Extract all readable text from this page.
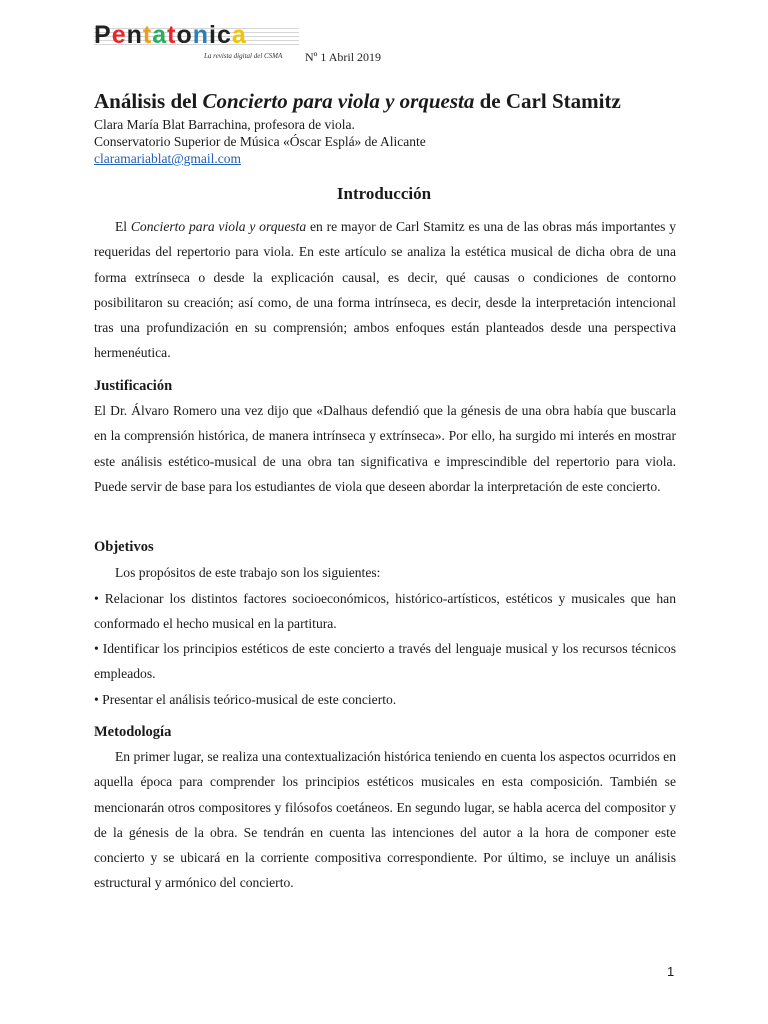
Pentatonica
La revista digital del CSMA Nº 1 Abril 2019
Análisis del Concierto para viola y orquesta de Carl Stamitz
Clara María Blat Barrachina, profesora de viola.
Conservatorio Superior de Música «Óscar Esplá» de Alicante
claramariablat@gmail.com
Introducción

El Concierto para viola y orquesta en re mayor de Carl Stamitz es una de las obras más importantes y requeridas del repertorio para viola. En este artículo se analiza la estética musical de dicha obra de una forma extrínseca o desde la explicación causal, es decir, qué causas o condiciones de contorno posibilitaron su creación; así como, de una forma intrínseca, es decir, desde la interpretación intencional tras una profundización en su comprensión; ambos enfoques están planteados desde una perspectiva hermenéutica.

Justificación

El Dr. Álvaro Romero una vez dijo que «Dalhaus defendió que la génesis de una obra había que buscarla en la comprensión histórica, de manera intrínseca y extrínseca». Por ello, ha surgido mi interés en mostrar este análisis estético-musical de una obra tan significativa e imprescindible del repertorio para viola. Puede servir de base para los estudiantes de viola que deseen abordar la interpretación de este concierto.

Objetivos

Los propósitos de este trabajo son los siguientes:

• Relacionar los distintos factores socioeconómicos, histórico-artísticos, estéticos y musicales que han conformado el hecho musical en la partitura.

• Identificar los principios estéticos de este concierto a través del lenguaje musical y los recursos técnicos empleados.

• Presentar el análisis teórico-musical de este concierto.

Metodología

En primer lugar, se realiza una contextualización histórica teniendo en cuenta los aspectos ocurridos en aquella época para comprender los principios estéticos musicales en esta composición. También se mencionarán otros compositores y filósofos coetáneos. En segundo lugar, se habla acerca del compositor y de la génesis de la obra. Se tendrán en cuenta las intenciones del autor a la hora de componer este concierto y se ubicará en la corriente compositiva correspondiente. Por último, se incluye un análisis estructural y armónico del concierto.

1
